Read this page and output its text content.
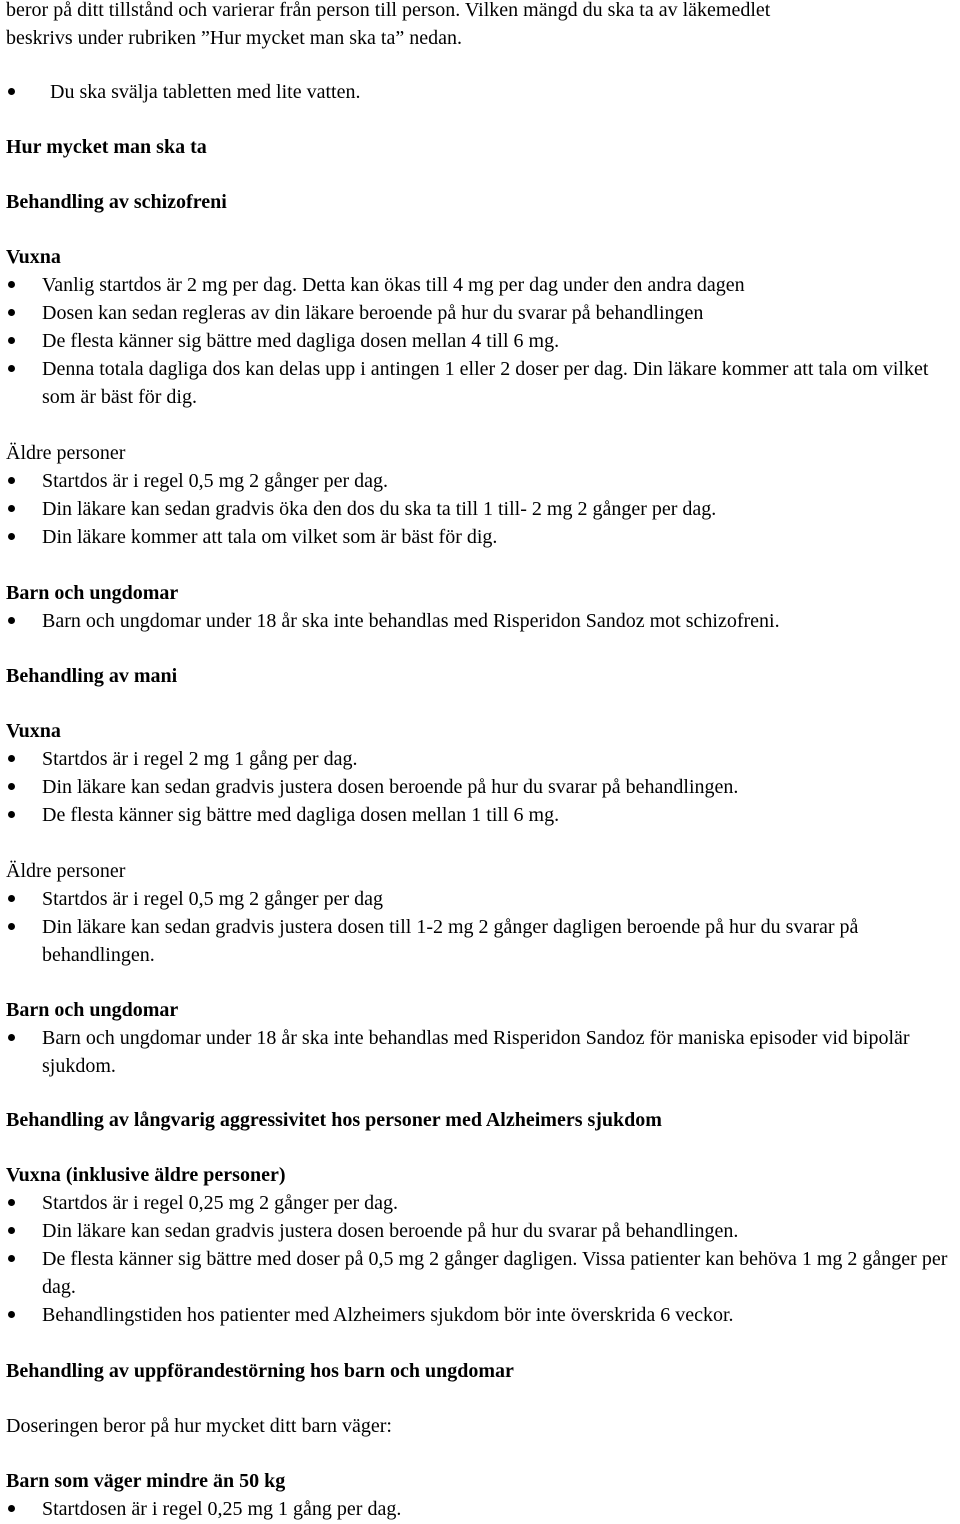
beror på ditt tillstånd och varierar från person till person. Vilken mängd du ska ta av läkemedlet

beskrivs under rubriken ”Hur mycket man ska ta” nedan.

Du ska svälja tabletten med lite vatten.

Hur mycket man ska ta

Behandling av schizofreni

Vuxna

Vanlig startdos är 2 mg per dag. Detta kan ökas till 4 mg per dag under den andra dagen
Dosen kan sedan regleras av din läkare beroende på hur du svarar på behandlingen
De flesta känner sig bättre med dagliga dosen mellan 4 till 6 mg.
Denna totala dagliga dos kan delas upp i antingen 1 eller 2 doser per dag. Din läkare kommer att tala om vilket som är bäst för dig.

Äldre personer

Startdos är i regel 0,5 mg 2 gånger per dag.
Din läkare kan sedan gradvis öka den dos du ska ta till 1 till- 2 mg 2 gånger per dag.
Din läkare kommer att tala om vilket som är bäst för dig.

Barn och ungdomar

Barn och ungdomar under 18 år ska inte behandlas med Risperidon Sandoz mot schizofreni.

Behandling av mani

Vuxna

Startdos är i regel 2 mg 1 gång per dag.
Din läkare kan sedan gradvis justera dosen beroende på hur du svarar på behandlingen.
De flesta känner sig bättre med dagliga dosen mellan 1 till 6 mg.

Äldre personer

Startdos är i regel 0,5 mg 2 gånger per dag
Din läkare kan sedan gradvis justera dosen till 1-2 mg 2 gånger dagligen beroende på hur du svarar på behandlingen.

Barn och ungdomar

Barn och ungdomar under 18 år ska inte behandlas med Risperidon Sandoz för maniska episoder vid bipolär sjukdom.

Behandling av långvarig aggressivitet hos personer med Alzheimers sjukdom

Vuxna (inklusive äldre personer)

Startdos är i regel 0,25 mg 2 gånger per dag.
Din läkare kan sedan gradvis justera dosen beroende på hur du svarar på behandlingen.
De flesta känner sig bättre med doser på 0,5 mg 2 gånger dagligen. Vissa patienter kan behöva 1 mg 2 gånger per dag.
Behandlingstiden hos patienter med Alzheimers sjukdom bör inte överskrida 6 veckor.

Behandling av uppförandestörning hos barn och ungdomar

Doseringen beror på hur mycket ditt barn väger:

Barn som väger mindre än 50 kg

Startdosen är i regel 0,25 mg 1 gång per dag.
